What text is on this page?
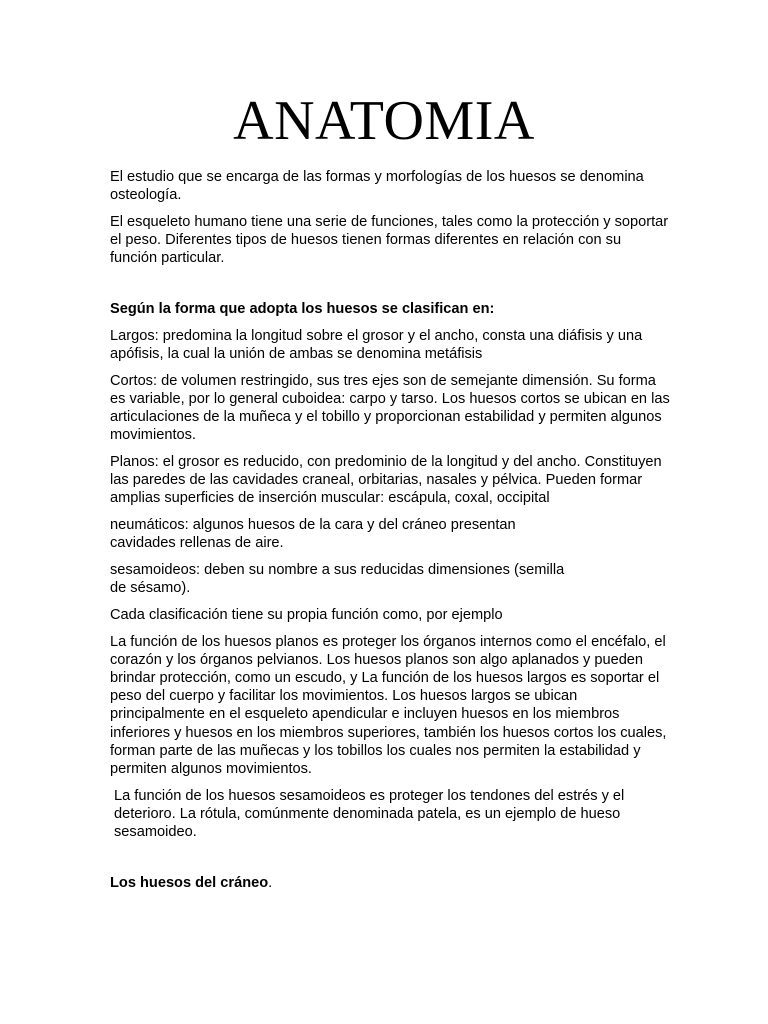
ANATOMIA

El estudio que se encarga de las formas y morfologías de los huesos se denomina osteología.

El esqueleto humano tiene una serie de funciones, tales como la protección y soportar el peso. Diferentes tipos de huesos tienen formas diferentes en relación con su función particular.

Según la forma que adopta los huesos se clasifican en:

Largos: predomina la longitud sobre el grosor y el ancho, consta una diáfisis y una apófisis, la cual la unión de ambas se denomina metáfisis

Cortos: de volumen restringido, sus tres ejes son de semejante dimensión. Su forma es variable, por lo general cuboidea: carpo y tarso. Los huesos cortos se ubican en las articulaciones de la muñeca y el tobillo y proporcionan estabilidad y permiten algunos movimientos.

Planos: el grosor es reducido, con predominio de la longitud y del ancho. Constituyen las paredes de las cavidades craneal, orbitarias, nasales y pélvica. Pueden formar amplias superficies de inserción muscular: escápula, coxal, occipital

neumáticos: algunos huesos de la cara y del cráneo presentan
cavidades rellenas de aire.

sesamoideos: deben su nombre a sus reducidas dimensiones (semilla
de sésamo).

Cada clasificación tiene su propia función como, por ejemplo

La función de los huesos planos es proteger los órganos internos como el encéfalo, el corazón y los órganos pelvianos. Los huesos planos son algo aplanados y pueden brindar protección, como un escudo, y La función de los huesos largos es soportar el peso del cuerpo y facilitar los movimientos. Los huesos largos se ubican principalmente en el esqueleto apendicular e incluyen huesos en los miembros inferiores y huesos en los miembros superiores, también los huesos cortos los cuales, forman parte de las muñecas y los tobillos los cuales nos permiten la estabilidad y permiten algunos movimientos.

La función de los huesos sesamoideos es proteger los tendones del estrés y el deterioro. La rótula, comúnmente denominada patela, es un ejemplo de hueso sesamoideo.

Los huesos del cráneo.
